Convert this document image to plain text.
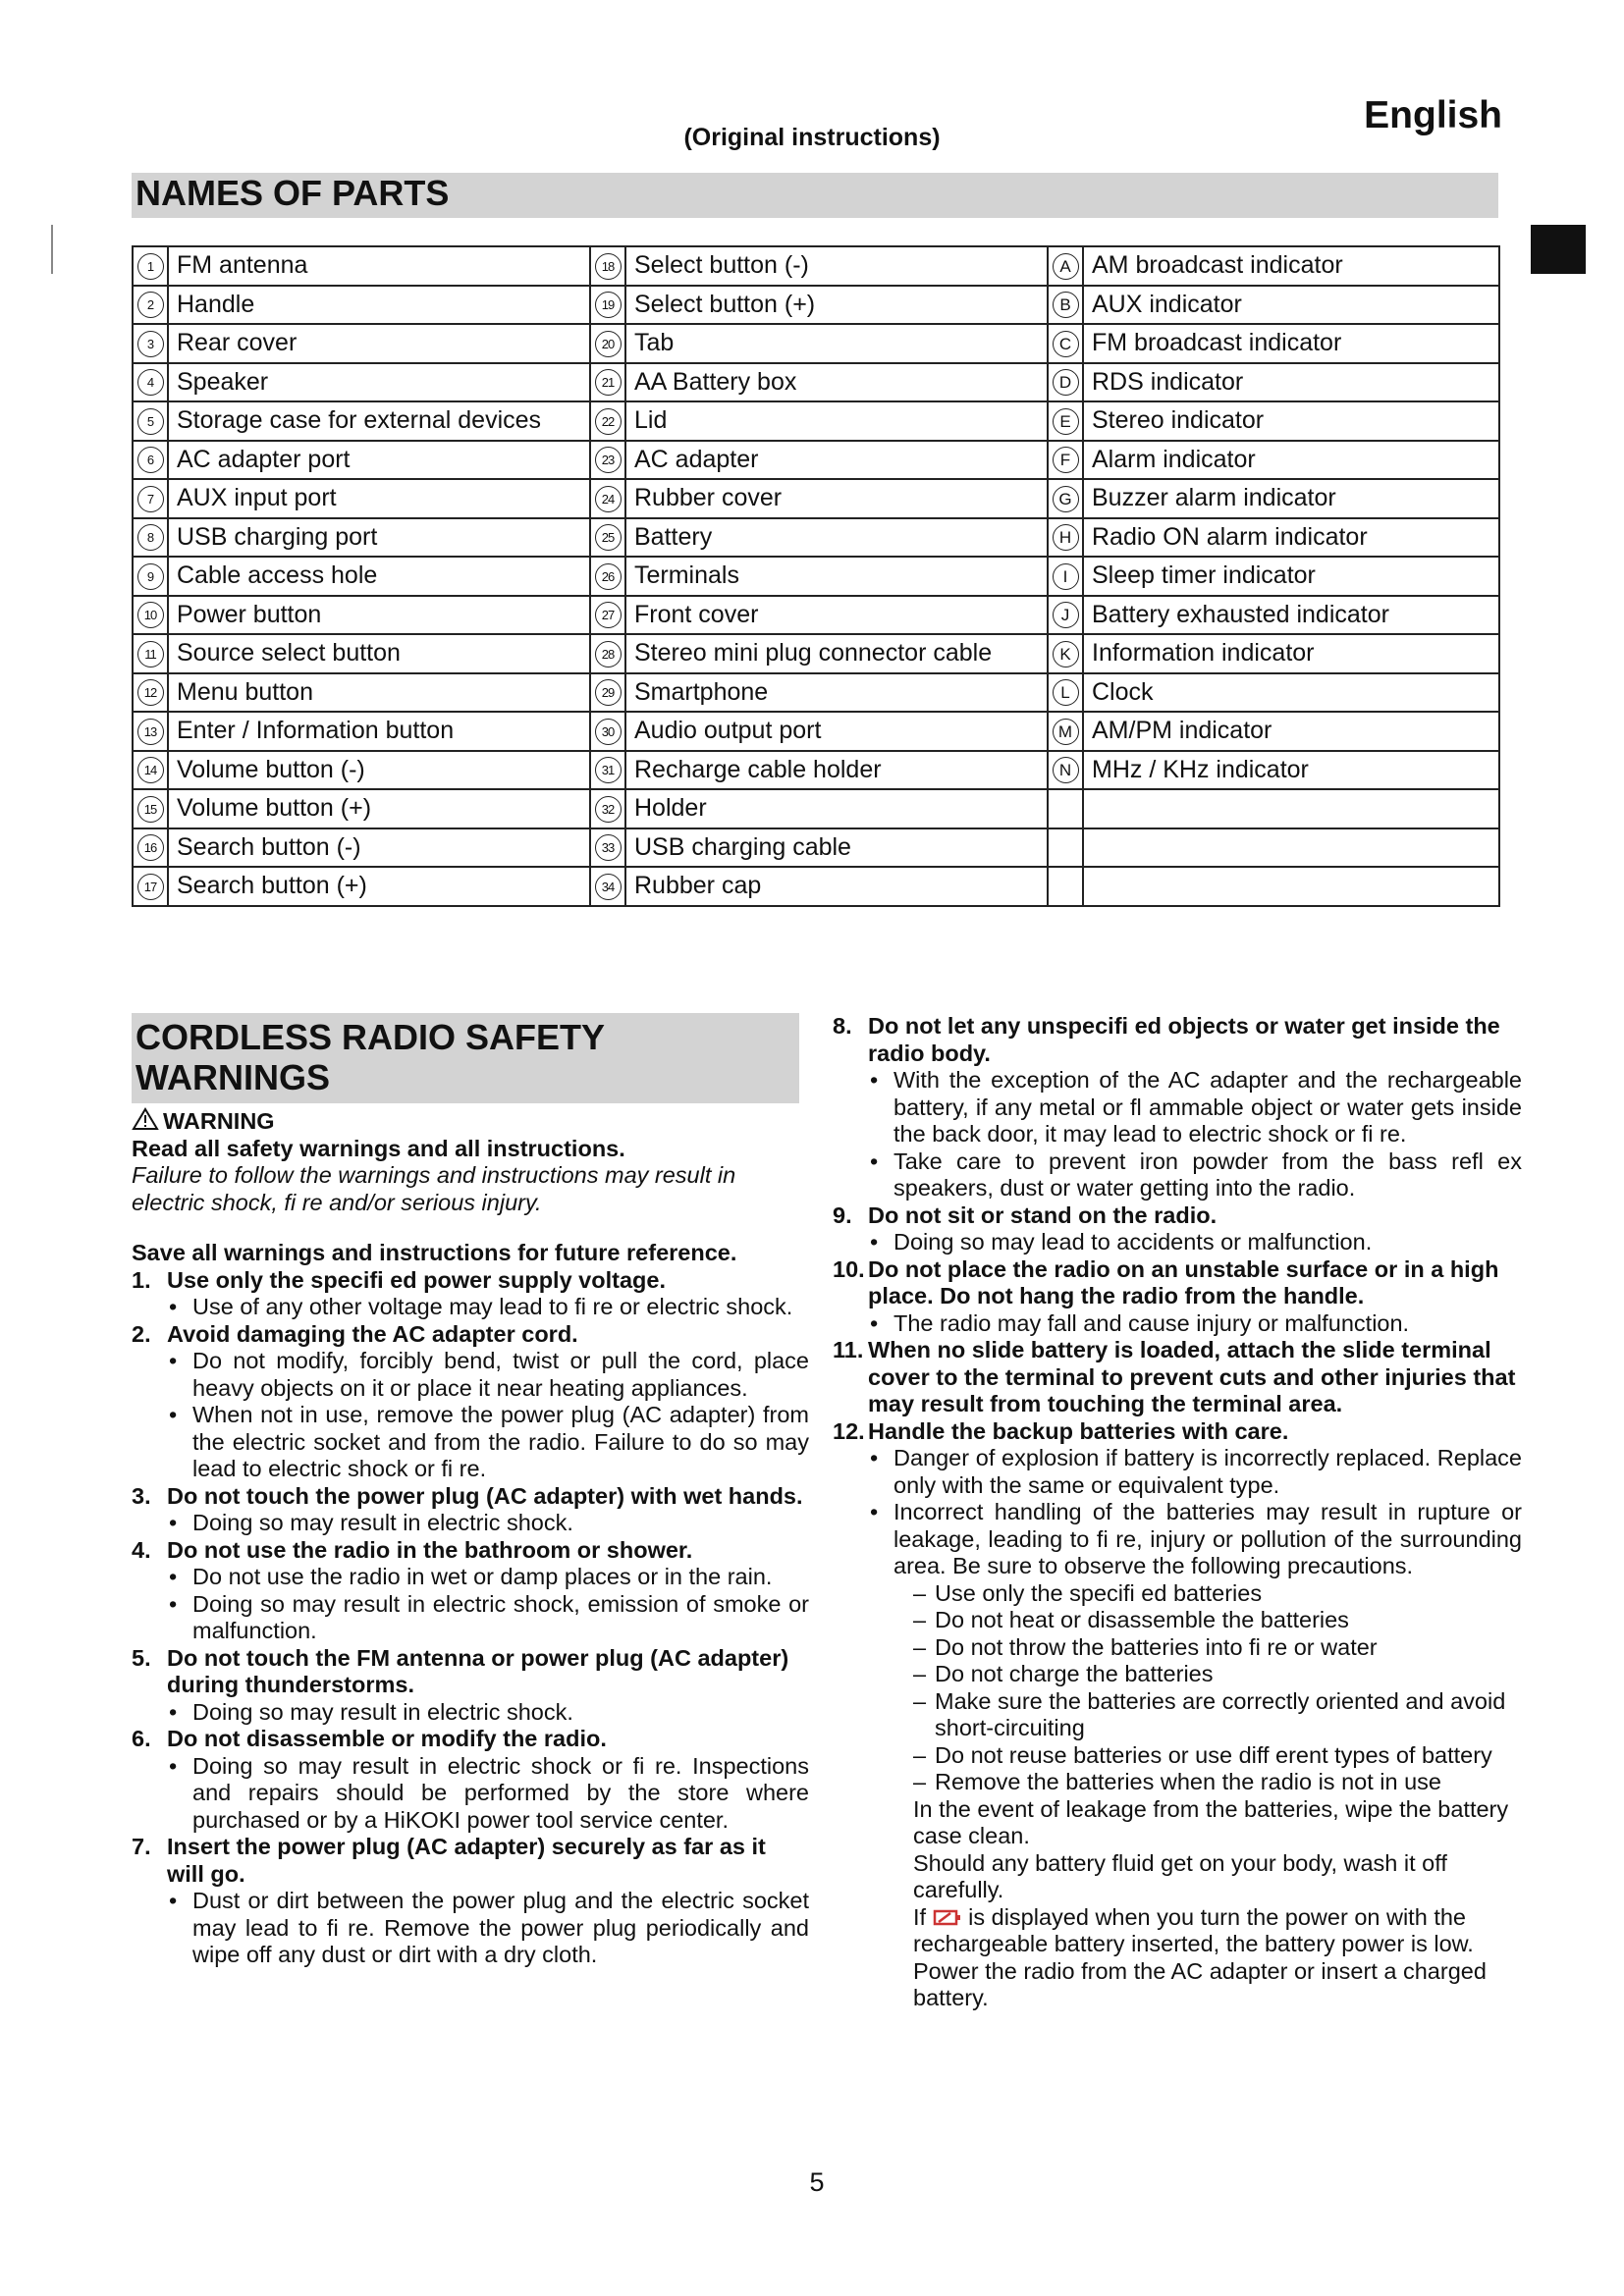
(Original instructions)
English
NAMES OF PARTS
1	FM antenna	18	Select button (-)	A	AM broadcast indicator
2	Handle	19	Select button (+)	B	AUX indicator
3	Rear cover	20	Tab	C	FM broadcast indicator
4	Speaker	21	AA Battery box	D	RDS indicator
5	Storage case for external devices	22	Lid	E	Stereo indicator
6	AC adapter port	23	AC adapter	F	Alarm indicator
7	AUX input port	24	Rubber cover	G	Buzzer alarm indicator
8	USB charging port	25	Battery	H	Radio ON alarm indicator
9	Cable access hole	26	Terminals	I	Sleep timer indicator
10	Power button	27	Front cover	J	Battery exhausted indicator
11	Source select button	28	Stereo mini plug connector cable	K	Information indicator
12	Menu button	29	Smartphone	L	Clock
13	Enter / Information button	30	Audio output port	M	AM/PM indicator
14	Volume button (-)	31	Recharge cable holder	N	MHz / KHz indicator
15	Volume button (+)	32	Holder		
16	Search button (-)	33	USB charging cable		
17	Search button (+)	34	Rubber cap		
CORDLESS RADIO SAFETY
WARNINGS
WARNING
Read all safety warnings and all instructions.
Failure to follow the warnings and instructions may result in
electric shock, fi re and/or serious injury.
Save all warnings and instructions for future reference.
1. Use only the specifi ed power supply voltage.
• Use of any other voltage may lead to fi re or electric shock.
2. Avoid damaging the AC adapter cord.
• Do not modify, forcibly bend, twist or pull the cord, place heavy objects on it or place it near heating appliances.
• When not in use, remove the power plug (AC adapter) from the electric socket and from the radio. Failure to do so may lead to electric shock or fi re.
3. Do not touch the power plug (AC adapter) with wet hands.
• Doing so may result in electric shock.
4. Do not use the radio in the bathroom or shower.
• Do not use the radio in wet or damp places or in the rain.
• Doing so may result in electric shock, emission of smoke or malfunction.
5. Do not touch the FM antenna or power plug (AC adapter) during thunderstorms.
• Doing so may result in electric shock.
6. Do not disassemble or modify the radio.
• Doing so may result in electric shock or fi re. Inspections and repairs should be performed by the store where purchased or by a HiKOKI power tool service center.
7. Insert the power plug (AC adapter) securely as far as it will go.
• Dust or dirt between the power plug and the electric socket may lead to fi re. Remove the power plug periodically and wipe off any dust or dirt with a dry cloth.
8. Do not let any unspecifi ed objects or water get inside the radio body.
• With the exception of the AC adapter and the rechargeable battery, if any metal or fl ammable object or water gets inside the back door, it may lead to electric shock or fi re.
• Take care to prevent iron powder from the bass refl ex speakers, dust or water getting into the radio.
9. Do not sit or stand on the radio.
• Doing so may lead to accidents or malfunction.
10. Do not place the radio on an unstable surface or in a high place. Do not hang the radio from the handle.
• The radio may fall and cause injury or malfunction.
11. When no slide battery is loaded, attach the slide terminal cover to the terminal to prevent cuts and other injuries that may result from touching the terminal area.
12. Handle the backup batteries with care.
• Danger of explosion if battery is incorrectly replaced. Replace only with the same or equivalent type.
• Incorrect handling of the batteries may result in rupture or leakage, leading to fi re, injury or pollution of the surrounding area. Be sure to observe the following precautions.
– Use only the specifi ed batteries
– Do not heat or disassemble the batteries
– Do not throw the batteries into fi re or water
– Do not charge the batteries
– Make sure the batteries are correctly oriented and avoid short-circuiting
– Do not reuse batteries or use diff erent types of battery
– Remove the batteries when the radio is not in use
In the event of leakage from the batteries, wipe the battery case clean.
Should any battery fluid get on your body, wash it off carefully.
If is displayed when you turn the power on with the rechargeable battery inserted, the battery power is low.
Power the radio from the AC adapter or insert a charged battery.
5
